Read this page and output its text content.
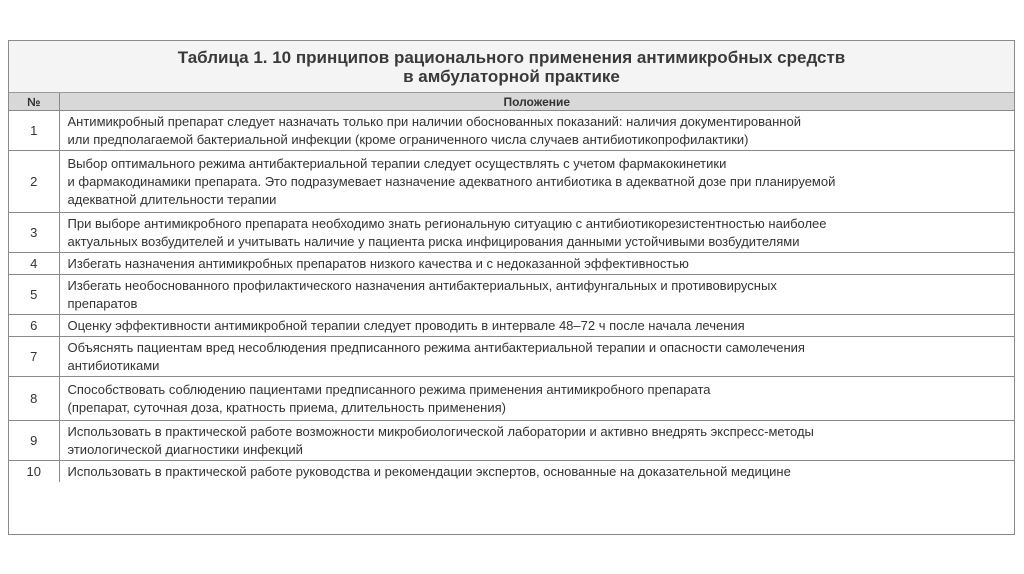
Таблица 1. 10 принципов рационального применения антимикробных средств
в амбулаторной практике
№	Положение
1	Антимикробный препарат следует назначать только при наличии обоснованных показаний: наличия документированной
или предполагаемой бактериальной инфекции (кроме ограниченного числа случаев антибиотикопрофилактики)
2	Выбор оптимального режима антибактериальной терапии следует осуществлять с учетом фармакокинетики
и фармакодинамики препарата. Это подразумевает назначение адекватного антибиотика в адекватной дозе при планируемой
адекватной длительности терапии
3	При выборе антимикробного препарата необходимо знать региональную ситуацию с антибиотикорезистентностью наиболее
актуальных возбудителей и учитывать наличие у пациента риска инфицирования данными устойчивыми возбудителями
4	Избегать назначения антимикробных препаратов низкого качества и с недоказанной эффективностью
5	Избегать необоснованного профилактического назначения антибактериальных, антифунгальных и противовирусных
препаратов
6	Оценку эффективности антимикробной терапии следует проводить в интервале 48–72 ч после начала лечения
7	Объяснять пациентам вред несоблюдения предписанного режима антибактериальной терапии и опасности самолечения
антибиотиками
8	Способствовать соблюдению пациентами предписанного режима применения антимикробного препарата
(препарат, суточная доза, кратность приема, длительность применения)
9	Использовать в практической работе возможности микробиологической лаборатории и активно внедрять экспресс-методы
этиологической диагностики инфекций
10	Использовать в практической работе руководства и рекомендации экспертов, основанные на доказательной медицине
